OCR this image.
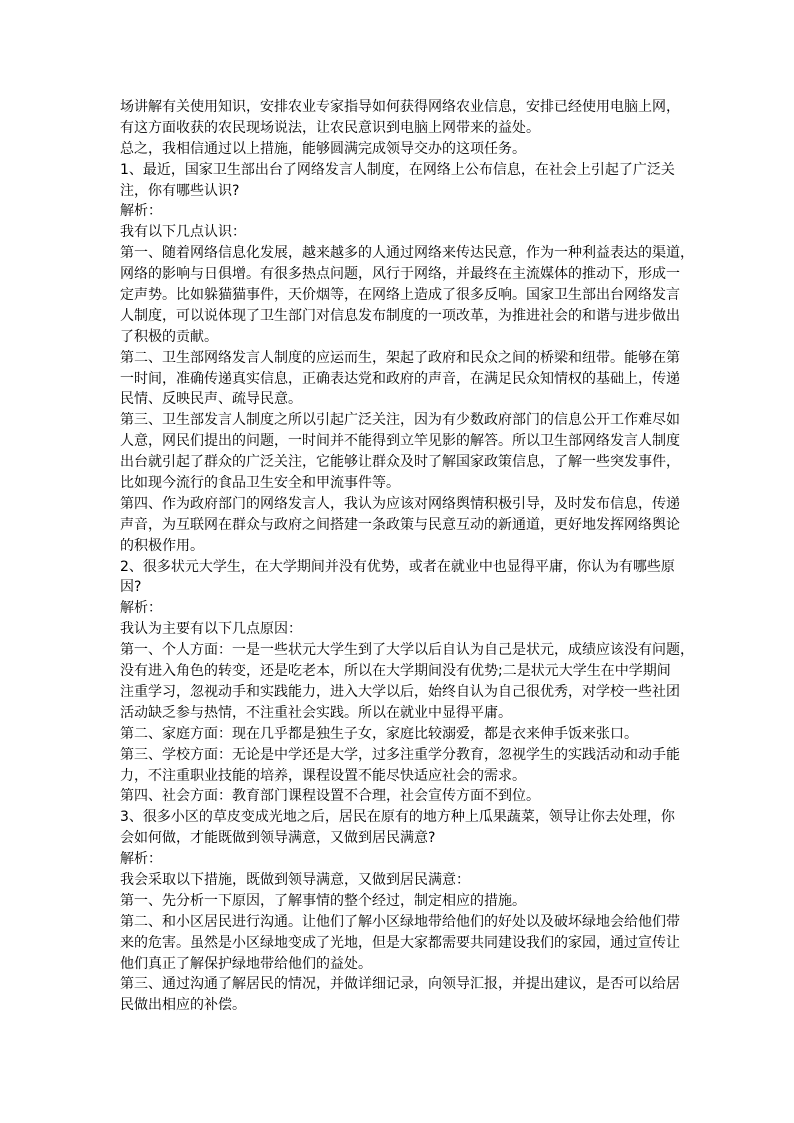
场讲解有关使用知识，安排农业专家指导如何获得网络农业信息，安排已经使用电脑上网，
有这方面收获的农民现场说法，让农民意识到电脑上网带来的益处。
总之，我相信通过以上措施，能够圆满完成领导交办的这项任务。
1、最近，国家卫生部出台了网络发言人制度，在网络上公布信息，在社会上引起了广泛关
注，你有哪些认识?
解析：
我有以下几点认识：
第一、随着网络信息化发展，越来越多的人通过网络来传达民意，作为一种利益表达的渠道，
网络的影响与日俱增。有很多热点问题，风行于网络，并最终在主流媒体的推动下，形成一
定声势。比如躲猫猫事件，天价烟等，在网络上造成了很多反响。国家卫生部出台网络发言
人制度，可以说体现了卫生部门对信息发布制度的一项改革，为推进社会的和谐与进步做出
了积极的贡献。
第二、卫生部网络发言人制度的应运而生，架起了政府和民众之间的桥梁和纽带。能够在第
一时间，准确传递真实信息，正确表达党和政府的声音，在满足民众知情权的基础上，传递
民情、反映民声、疏导民意。
第三、卫生部发言人制度之所以引起广泛关注，因为有少数政府部门的信息公开工作难尽如
人意，网民们提出的问题，一时间并不能得到立竿见影的解答。所以卫生部网络发言人制度
出台就引起了群众的广泛关注，它能够让群众及时了解国家政策信息，了解一些突发事件，
比如现今流行的食品卫生安全和甲流事件等。
第四、作为政府部门的网络发言人，我认为应该对网络舆情积极引导，及时发布信息，传递
声音，为互联网在群众与政府之间搭建一条政策与民意互动的新通道，更好地发挥网络舆论
的积极作用。
2、很多状元大学生，在大学期间并没有优势，或者在就业中也显得平庸，你认为有哪些原
因?
解析：
我认为主要有以下几点原因：
第一、个人方面：一是一些状元大学生到了大学以后自认为自己是状元，成绩应该没有问题，
没有进入角色的转变，还是吃老本，所以在大学期间没有优势;二是状元大学生在中学期间
注重学习，忽视动手和实践能力，进入大学以后，始终自认为自己很优秀，对学校一些社团
活动缺乏参与热情，不注重社会实践。所以在就业中显得平庸。
第二、家庭方面：现在几乎都是独生子女，家庭比较溺爱，都是衣来伸手饭来张口。
第三、学校方面：无论是中学还是大学，过多注重学分教育，忽视学生的实践活动和动手能
力，不注重职业技能的培养，课程设置不能尽快适应社会的需求。
第四、社会方面：教育部门课程设置不合理，社会宣传方面不到位。
3、很多小区的草皮变成光地之后，居民在原有的地方种上瓜果蔬菜，领导让你去处理，你
会如何做，才能既做到领导满意，又做到居民满意?
解析：
我会采取以下措施，既做到领导满意，又做到居民满意：
第一、先分析一下原因，了解事情的整个经过，制定相应的措施。
第二、和小区居民进行沟通。让他们了解小区绿地带给他们的好处以及破坏绿地会给他们带
来的危害。虽然是小区绿地变成了光地，但是大家都需要共同建设我们的家园，通过宣传让
他们真正了解保护绿地带给他们的益处。
第三、通过沟通了解居民的情况，并做详细记录，向领导汇报，并提出建议，是否可以给居
民做出相应的补偿。
